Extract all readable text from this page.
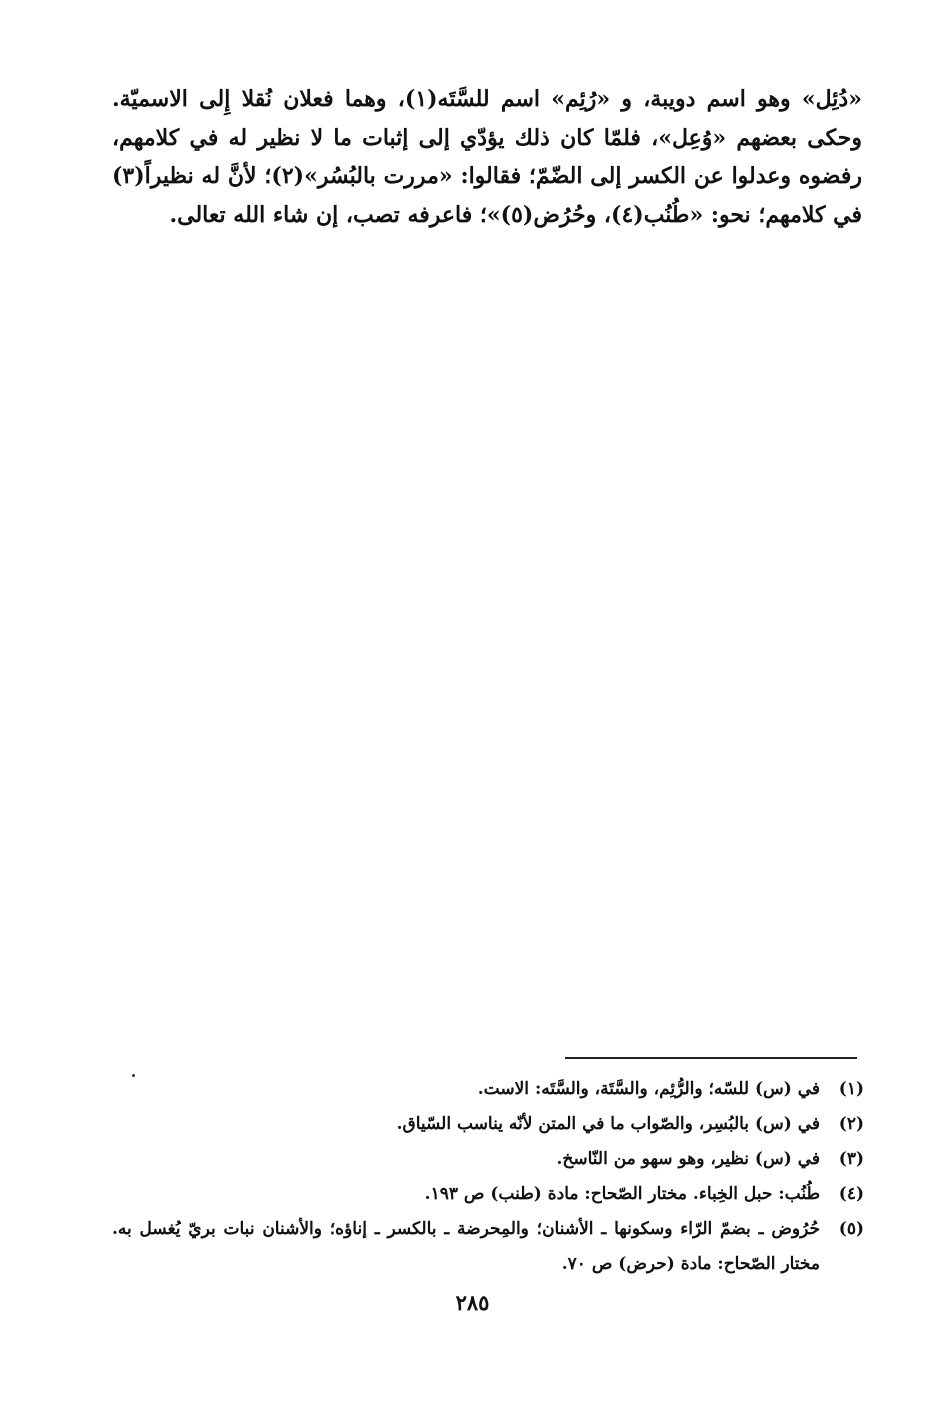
«دُئِل» وهو اسم دويبة، و «رُئِم» اسم للسَّتَه(١)، وهما فعلان نُقلا إِلى الاسميّة. وحكى بعضهم «وُعِل»، فلمّا كان ذلك يؤدّي إلى إثبات ما لا نظير له في كلامهم، رفضوه وعدلوا عن الكسر إلى الضّمّ؛ فقالوا: «مررت بالبُسُر»(٢)؛ لأنَّ له نظيراً(٣) في كلامهم؛ نحو: «طُنُب(٤)، وحُرُض(٥)»؛ فاعرفه تصب، إن شاء الله تعالى.

(١)
في (س) للسّه؛ والرُّئِم، والسَّتَة، والسَّتَه: الاست.
(٢)
في (س) بالبُسِر، والصّواب ما في المتن لأنّه يناسب السّياق.
(٣)
في (س) نظير، وهو سهو من النّاسخ.
(٤)
طُنُب: حبل الخِباء. مختار الصّحاح: مادة (طنب) ص ١٩٣.
(٥)
حُرُوض ـ بضمّ الرّاء وسكونها ـ الأشنان؛ والمِحرضة ـ بالكسر ـ إناؤه؛ والأشنان نبات بريّ يُغسل به. مختار الصّحاح: مادة (حرض) ص ٧٠.
٢٨٥
